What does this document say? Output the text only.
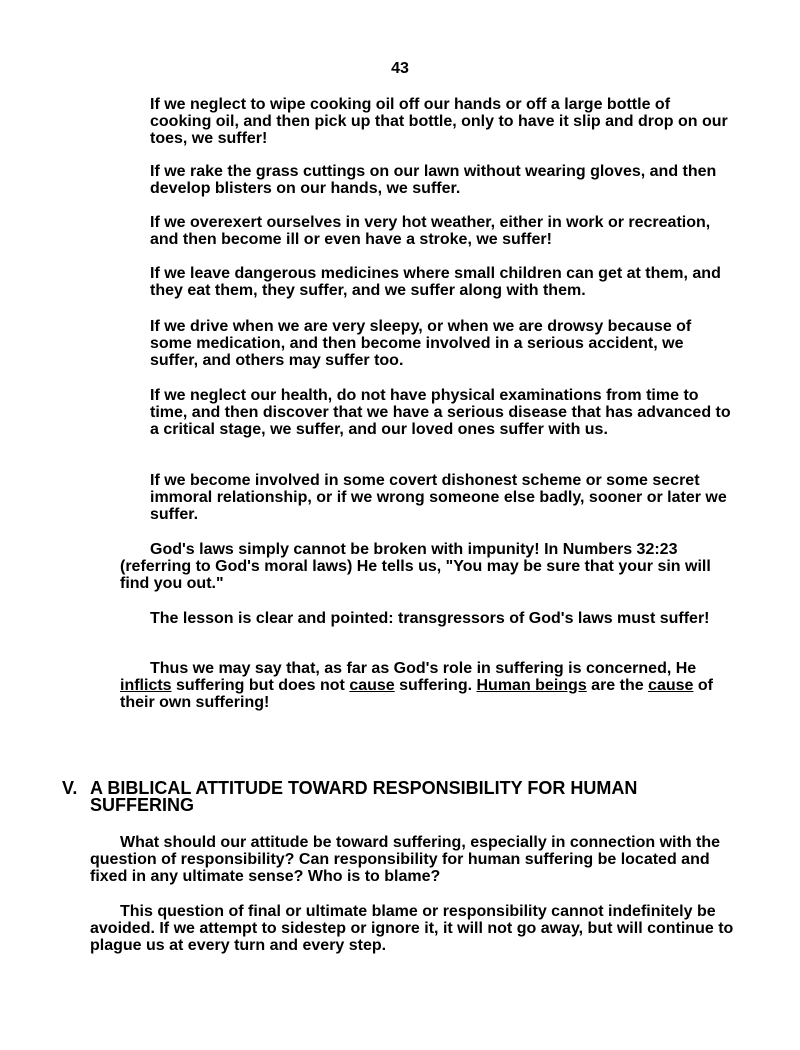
43
If we neglect to wipe cooking oil off our hands or off a large bottle of cooking oil, and then pick up that bottle, only to have it slip and drop on our toes, we suffer!
If we rake the grass cuttings on our lawn without wearing gloves, and then develop blisters on our hands, we suffer.
If we overexert ourselves in very hot weather, either in work or recreation, and then become ill or even have a stroke, we suffer!
If we leave dangerous medicines where small children can get at them, and they eat them, they suffer, and we suffer along with them.
If we drive when we are very sleepy, or when we are drowsy because of some medication, and then become involved in a serious accident, we suffer, and others may suffer too.
If we neglect our health, do not have physical examinations from time to time, and then discover that we have a serious disease that has advanced to a critical stage, we suffer, and our loved ones suffer with us.
If we become involved in some covert dishonest scheme or some secret immoral relationship, or if we wrong someone else badly, sooner or later we suffer.
God's laws simply cannot be broken with impunity! In Numbers 32:23 (referring to God's moral laws) He tells us, "You may be sure that your sin will find you out."
The lesson is clear and pointed: transgressors of God's laws must suffer!
Thus we may say that, as far as God's role in suffering is concerned, He inflicts suffering but does not cause suffering. Human beings are the cause of their own suffering!
V. A BIBLICAL ATTITUDE TOWARD RESPONSIBILITY FOR HUMAN
SUFFERING
What should our attitude be toward suffering, especially in connection with the question of responsibility? Can responsibility for human suffering be located and fixed in any ultimate sense? Who is to blame?
This question of final or ultimate blame or responsibility cannot indefinitely be avoided. If we attempt to sidestep or ignore it, it will not go away, but will continue to plague us at every turn and every step.
